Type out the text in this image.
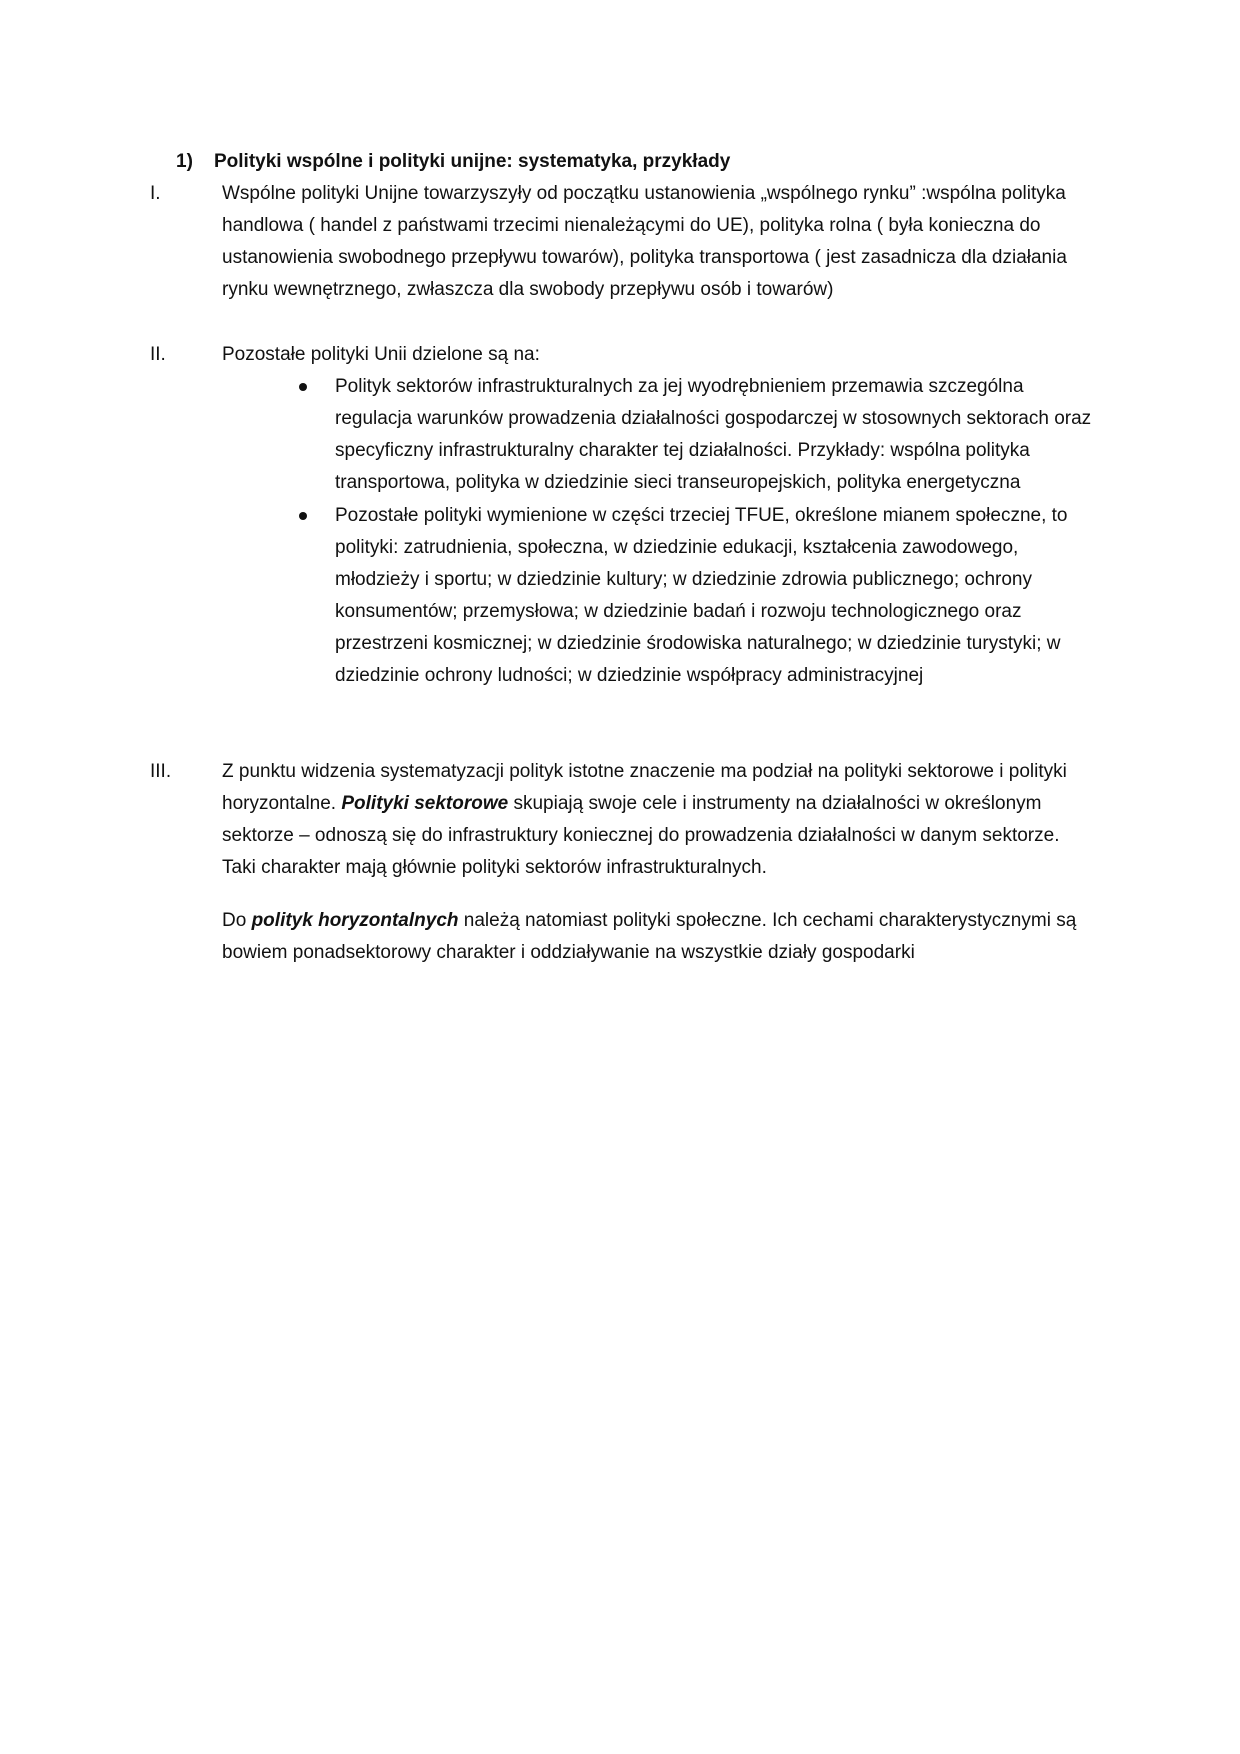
1) Polityki wspólne i polityki unijne: systematyka, przykłady
I.	Wspólne polityki Unijne towarzyszyły od początku ustanowienia „wspólnego rynku” :wspólna polityka handlowa ( handel z państwami trzecimi nienależącymi do UE), polityka rolna ( była konieczna do ustanowienia swobodnego przepływu towarów), polityka transportowa ( jest zasadnicza dla działania rynku wewnętrznego, zwłaszcza dla swobody przepływu osób i towarów)
II.	Pozostałe polityki Unii dzielone są na:
Polityk sektorów infrastrukturalnych za jej wyodrębnieniem przemawia szczególna regulacja warunków prowadzenia działalności gospodarczej w stosownych sektorach oraz specyficzny infrastrukturalny charakter tej działalności. Przykłady: wspólna polityka transportowa, polityka w dziedzinie sieci transeuropejskich, polityka energetyczna
Pozostałe polityki wymienione w części trzeciej TFUE, określone mianem społeczne, to polityki: zatrudnienia, społeczna, w dziedzinie edukacji, kształcenia zawodowego, młodzieży i sportu; w dziedzinie kultury; w dziedzinie zdrowia publicznego; ochrony konsumentów; przemysłowa; w dziedzinie badań i rozwoju technologicznego oraz przestrzeni kosmicznej; w dziedzinie środowiska naturalnego; w dziedzinie turystyki; w dziedzinie ochrony ludności; w dziedzinie współpracy administracyjnej
III.	Z punktu widzenia systematyzacji polityk istotne znaczenie ma podział na polityki sektorowe i polityki horyzontalne. Polityki sektorowe skupiają swoje cele i instrumenty na działalności w określonym sektorze – odnoszą się do infrastruktury koniecznej do prowadzenia działalności w danym sektorze. Taki charakter mają głównie polityki sektorów infrastrukturalnych.
Do polityk horyzontalnych należą natomiast polityki społeczne. Ich cechami charakterystycznymi są bowiem ponadsektorowy charakter i oddziaływanie na wszystkie działy gospodarki
